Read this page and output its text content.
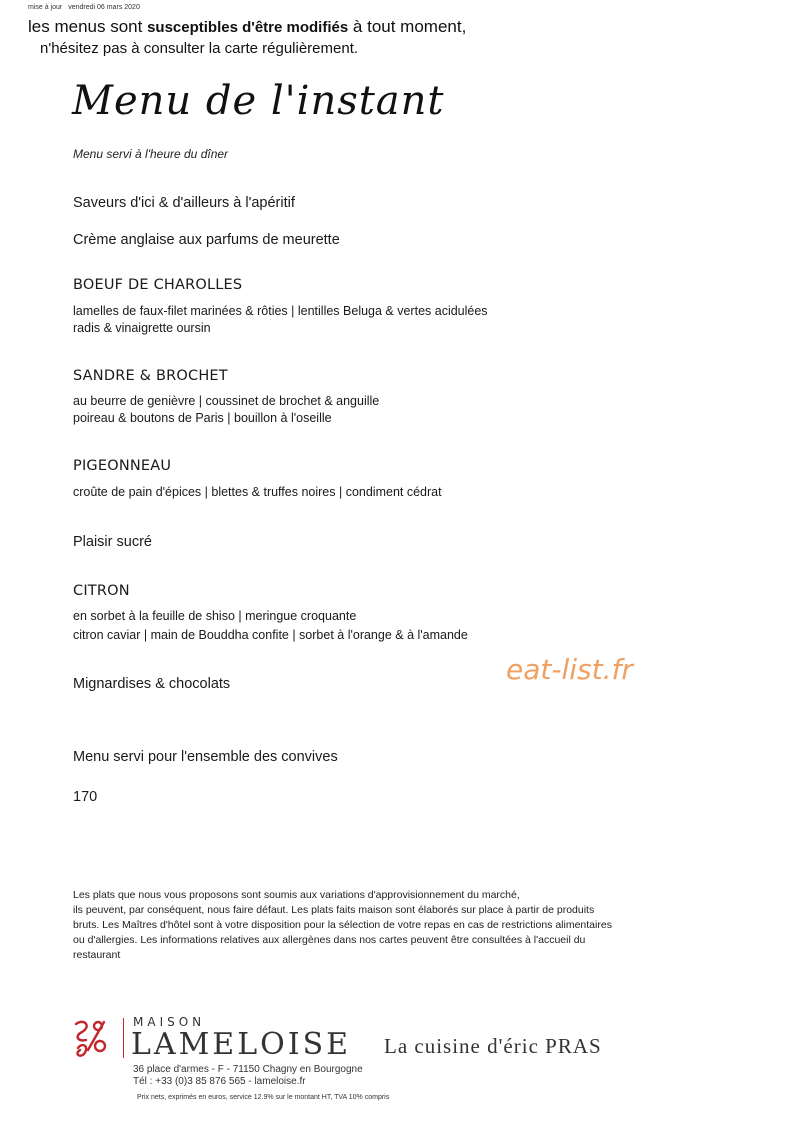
mise à jour vendredi 06 mars 2020
les menus sont susceptibles d'être modifiés à tout moment,
n'hésitez pas à consulter la carte régulièrement.
Menu de l'instant
Menu servi à l'heure du dîner
Saveurs d'ici & d'ailleurs à l'apéritif
Crème anglaise aux parfums de meurette
BOEUF DE CHAROLLES
lamelles de faux-filet marinées & rôties | lentilles Beluga & vertes acidulées
radis & vinaigrette oursin
SANDRE & BROCHET
au beurre de genièvre | coussinet de brochet & anguille
poireau & boutons de Paris | bouillon à l'oseille
PIGEONNEAU
croûte de pain d'épices | blettes & truffes noires | condiment cédrat
Plaisir sucré
CITRON
en sorbet à la feuille de shiso | meringue croquante
citron caviar | main de Bouddha confite | sorbet à l'orange & à l'amande
Mignardises & chocolats	eat-list.fr
Menu servi pour l'ensemble des convives
170
Les plats que nous vous proposons sont soumis aux variations d'approvisionnement du marché,
ils peuvent, par conséquent, nous faire défaut. Les plats faits maison sont élaborés sur place à partir de produits
bruts. Les Maîtres d'hôtel sont à votre disposition pour la sélection de votre repas en cas de restrictions alimentaires
ou d'allergies. Les informations relatives aux allergènes dans nos cartes peuvent être consultées à l'accueil du
restaurant
MAISON
LAMELOISE La cuisine d'éric PRAS
36 place d'armes - F - 71150 Chagny en Bourgogne
Tél : +33 (0)3 85 876 565 - lameloise.fr
Prix nets, exprimés en euros, service 12.9% sur le montant HT, TVA 10% compris
